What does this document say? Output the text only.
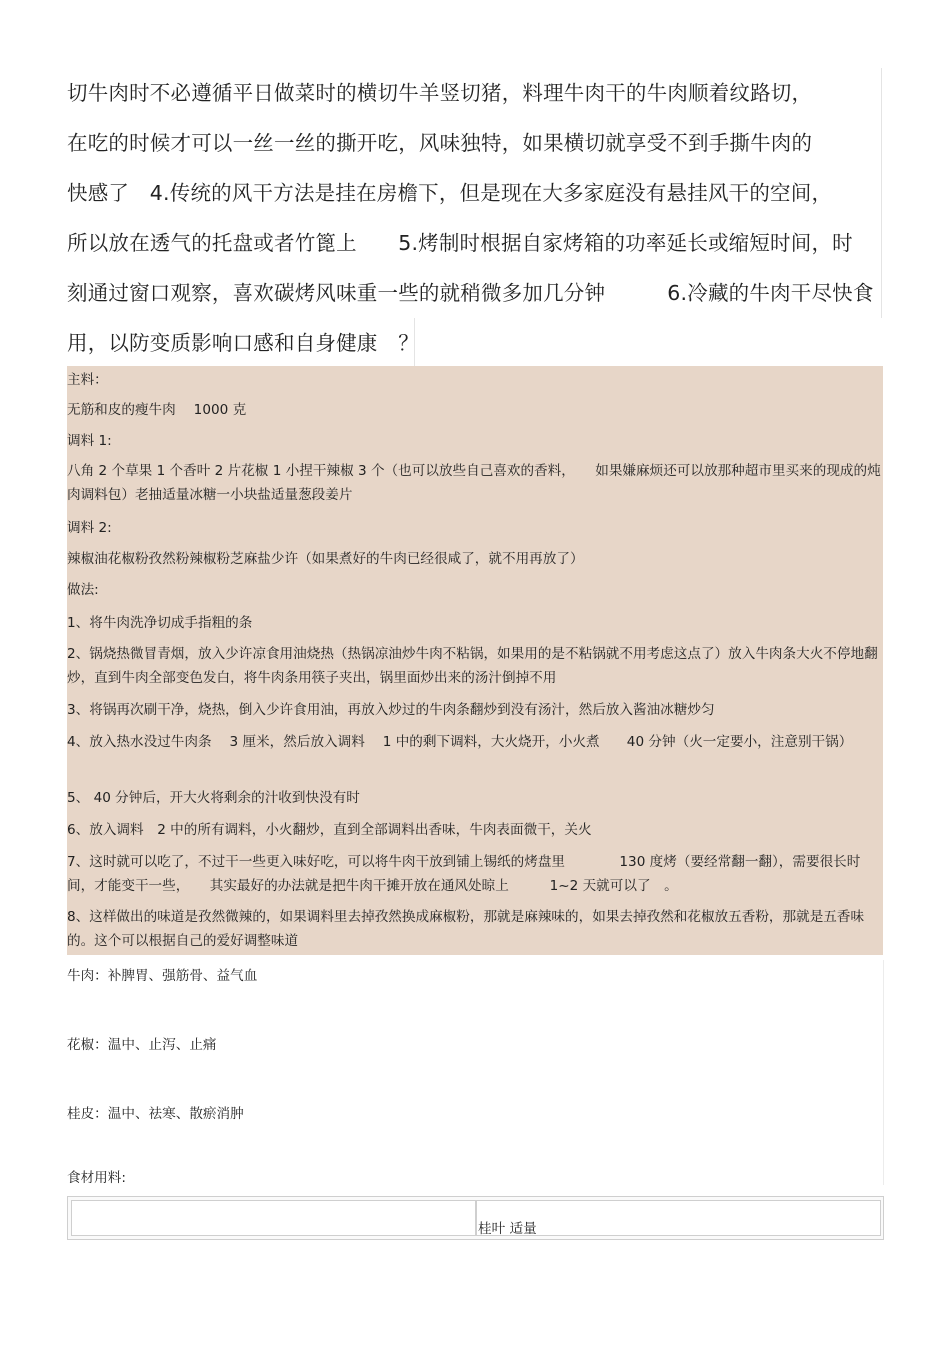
切牛肉时不必遵循平日做菜时的横切牛羊竖切猪，料理牛肉干的牛肉顺着纹路切，
在吃的时候才可以一丝一丝的撕开吃，风味独特，如果横切就享受不到手撕牛肉的
快感了　4.传统的风干方法是挂在房檐下，但是现在大多家庭没有悬挂风干的空间，
所以放在透气的托盘或者竹篦上　　5.烤制时根据自家烤箱的功率延长或缩短时间，时
刻通过窗口观察，喜欢碳烤风味重一些的就稍微多加几分钟　　　6.冷藏的牛肉干尽快食
用，以防变质影响口感和自身健康　？
主料：
无筋和皮的瘦牛肉　 1000 克
调料 1:
八角 2 个草果 1 个香叶 2 片花椒 1 小捏干辣椒 3 个（也可以放些自己喜欢的香料，　　如果嫌麻烦还可以放那种超市里买来的现成的炖肉调料包）老抽适量冰糖一小块盐适量葱段姜片
调料 2:
辣椒油花椒粉孜然粉辣椒粉芝麻盐少许（如果煮好的牛肉已经很咸了，就不用再放了）
做法:
1、将牛肉洗净切成手指粗的条
2、锅烧热微冒青烟，放入少许凉食用油烧热（热锅凉油炒牛肉不粘锅，如果用的是不粘锅就不用考虑这点了）放入牛肉条大火不停地翻炒，直到牛肉全部变色发白，将牛肉条用筷子夹出，锅里面炒出来的汤汁倒掉不用
3、将锅再次刷干净，烧热，倒入少许食用油，再放入炒过的牛肉条翻炒到没有汤汁，然后放入酱油冰糖炒匀
4、放入热水没过牛肉条　 3 厘米，然后放入调料　 1 中的剩下调料，大火烧开，小火煮　　40 分钟（火一定要小，注意别干锅）
5、 40 分钟后，开大火将剩余的汁收到快没有时
6、放入调料　2 中的所有调料，小火翻炒，直到全部调料出香味，牛肉表面微干，关火
7、这时就可以吃了，不过干一些更入味好吃，可以将牛肉干放到铺上锡纸的烤盘里　　　　130 度烤（要经常翻一翻），需要很长时间，才能变干一些，　　其实最好的办法就是把牛肉干摊开放在通风处晾上　　　1~2 天就可以了　。
8、这样做出的味道是孜然微辣的，如果调料里去掉孜然换成麻椒粉，那就是麻辣味的，如果去掉孜然和花椒放五香粉，那就是五香味的。这个可以根据自己的爱好调整味道
牛肉：补脾胃、强筋骨、益气血
花椒：温中、止泻、止痛
桂皮：温中、祛寒、散瘀消肿
食材用料:
桂叶 适量
